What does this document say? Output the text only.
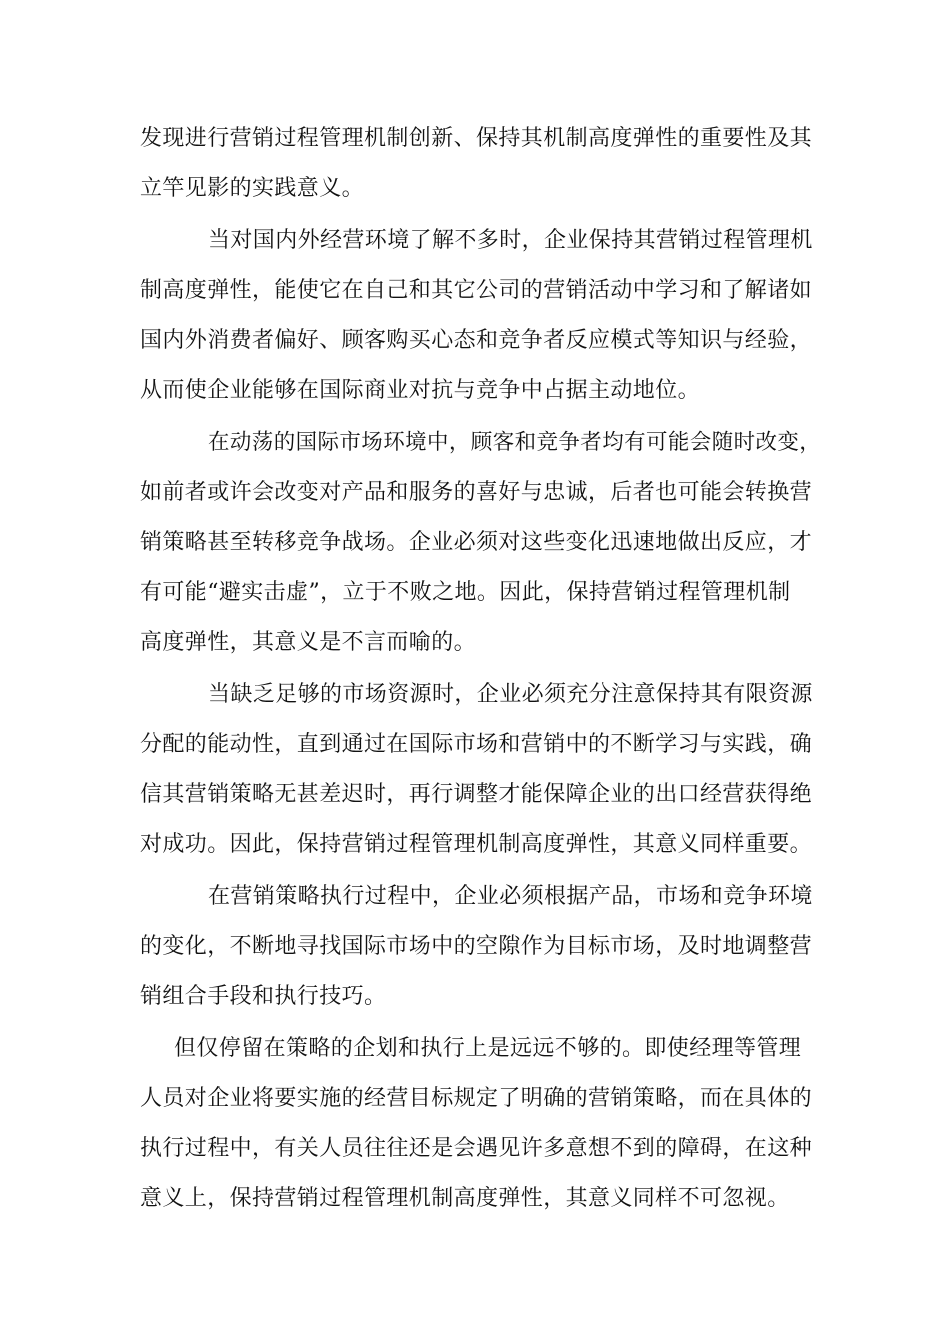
发现进行营销过程管理机制创新、保持其机制高度弹性的重要性及其
立竿见影的实践意义。
当对国内外经营环境了解不多时，企业保持其营销过程管理机
制高度弹性，能使它在自己和其它公司的营销活动中学习和了解诸如
国内外消费者偏好、顾客购买心态和竞争者反应模式等知识与经验，
从而使企业能够在国际商业对抗与竞争中占据主动地位。
在动荡的国际市场环境中，顾客和竞争者均有可能会随时改变，
如前者或许会改变对产品和服务的喜好与忠诚，后者也可能会转换营
销策略甚至转移竞争战场。企业必须对这些变化迅速地做出反应，才
有可能“避实击虚”，立于不败之地。因此，保持营销过程管理机制
高度弹性，其意义是不言而喻的。
当缺乏足够的市场资源时，企业必须充分注意保持其有限资源
分配的能动性，直到通过在国际市场和营销中的不断学习与实践，确
信其营销策略无甚差迟时，再行调整才能保障企业的出口经营获得绝
对成功。因此，保持营销过程管理机制高度弹性，其意义同样重要。
在营销策略执行过程中，企业必须根据产品，市场和竞争环境
的变化，不断地寻找国际市场中的空隙作为目标市场，及时地调整营
销组合手段和执行技巧。
但仅停留在策略的企划和执行上是远远不够的。即使经理等管理
人员对企业将要实施的经营目标规定了明确的营销策略，而在具体的
执行过程中，有关人员往往还是会遇见许多意想不到的障碍，在这种
意义上，保持营销过程管理机制高度弹性，其意义同样不可忽视。
